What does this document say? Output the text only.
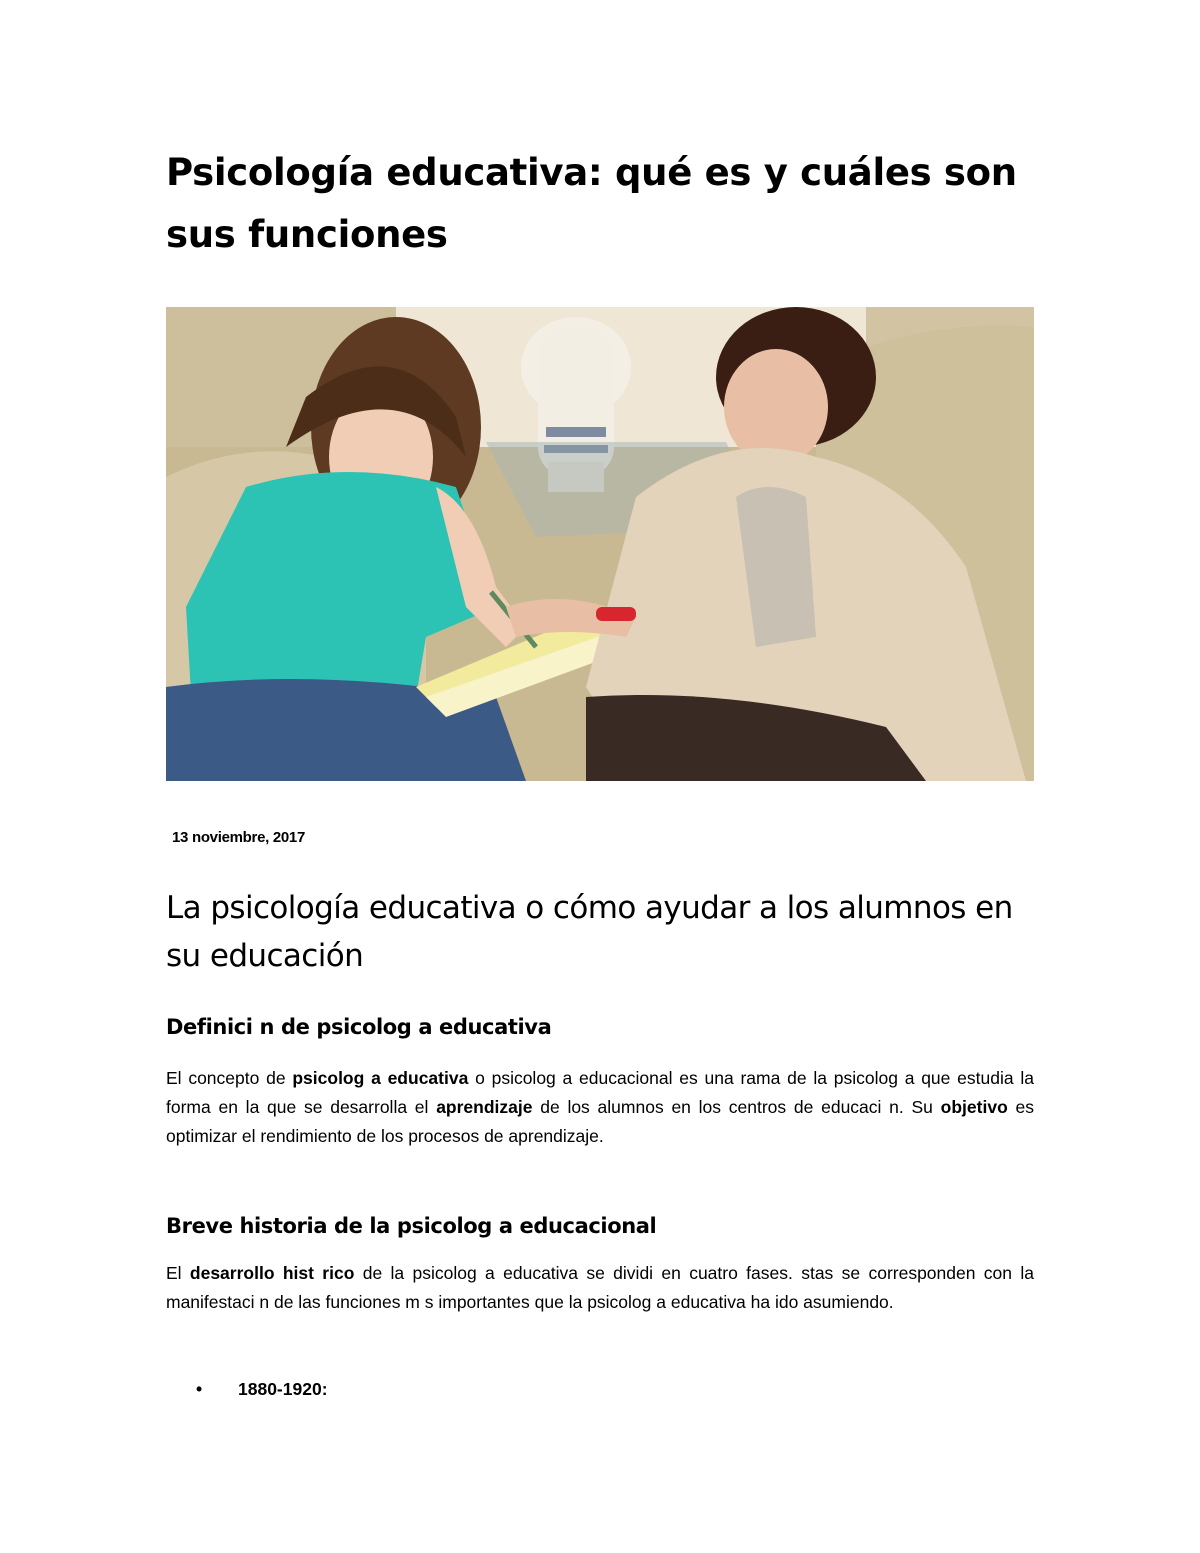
Psicología educativa: qué es y cuáles son sus funciones
13 noviembre, 2017
La psicología educativa o cómo ayudar a los alumnos en su educación
Definici n de psicolog a educativa

El concepto de psicolog a educativa o psicolog a educacional es una rama de la psicolog a que estudia la forma en la que se desarrolla el aprendizaje de los alumnos en los centros de educaci n. Su objetivo es optimizar el rendimiento de los procesos de aprendizaje.

Breve historia de la psicolog a educacional

El desarrollo hist rico de la psicolog a educativa se dividi en cuatro fases. stas se corresponden con la manifestaci n de las funciones m s importantes que la psicolog a educativa ha ido asumiendo.

• 1880-1920:
